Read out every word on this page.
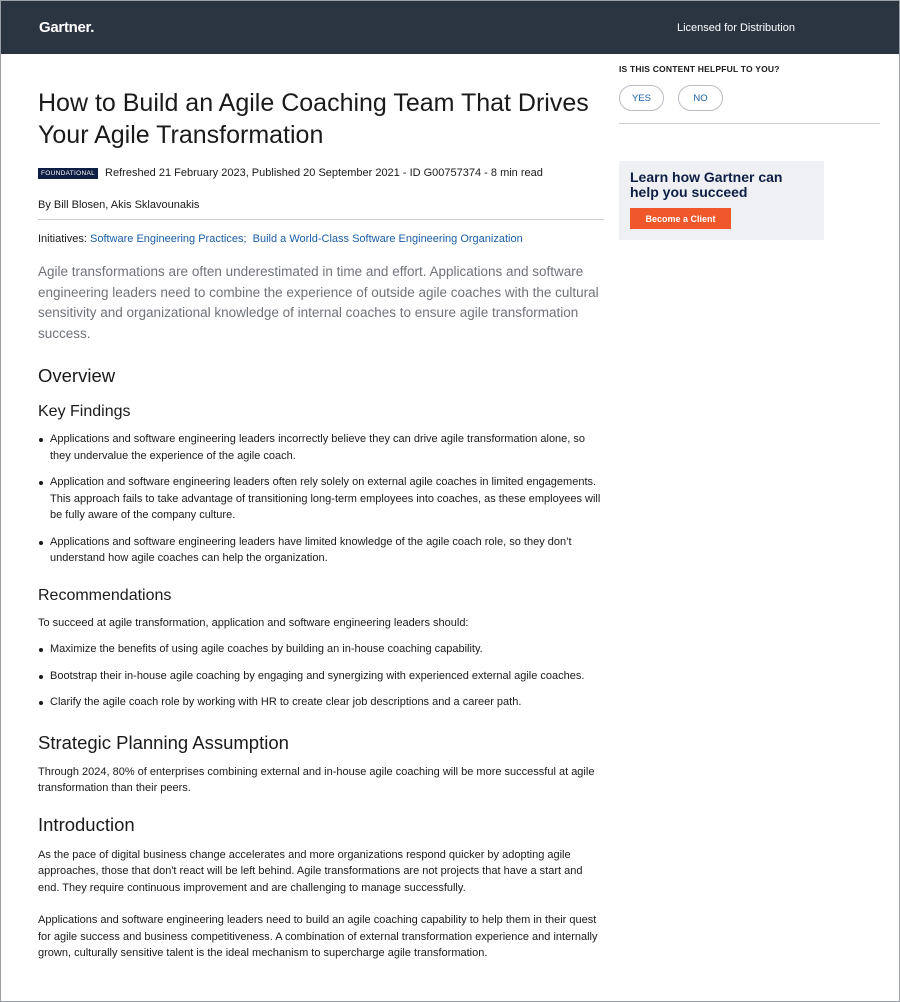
Gartner.	Licensed for Distribution
How to Build an Agile Coaching Team That Drives Your Agile Transformation
FOUNDATIONAL Refreshed 21 February 2023, Published 20 September 2021 - ID G00757374 - 8 min read
By Bill Blosen, Akis Sklavounakis
Initiatives: Software Engineering Practices; Build a World-Class Software Engineering Organization

Agile transformations are often underestimated in time and effort. Applications and software engineering leaders need to combine the experience of outside agile coaches with the cultural sensitivity and organizational knowledge of internal coaches to ensure agile transformation success.

Overview
Key Findings
Applications and software engineering leaders incorrectly believe they can drive agile transformation alone, so they undervalue the experience of the agile coach.
Application and software engineering leaders often rely solely on external agile coaches in limited engagements. This approach fails to take advantage of transitioning long-term employees into coaches, as these employees will be fully aware of the company culture.
Applications and software engineering leaders have limited knowledge of the agile coach role, so they don’t understand how agile coaches can help the organization.
Recommendations

To succeed at agile transformation, application and software engineering leaders should:

Maximize the benefits of using agile coaches by building an in-house coaching capability.
Bootstrap their in-house agile coaching by engaging and synergizing with experienced external agile coaches.
Clarify the agile coach role by working with HR to create clear job descriptions and a career path.
Strategic Planning Assumption

Through 2024, 80% of enterprises combining external and in-house agile coaching will be more successful at agile transformation than their peers.

Introduction

As the pace of digital business change accelerates and more organizations respond quicker by adopting agile approaches, those that don't react will be left behind. Agile transformations are not projects that have a start and end. They require continuous improvement and are challenging to manage successfully.

Applications and software engineering leaders need to build an agile coaching capability to help them in their quest for agile success and business competitiveness. A combination of external transformation experience and internally grown, culturally sensitive talent is the ideal mechanism to supercharge agile transformation.

IS THIS CONTENT HELPFUL TO YOU?
YES	NO
Learn how Gartner can help you succeed
Become a Client
